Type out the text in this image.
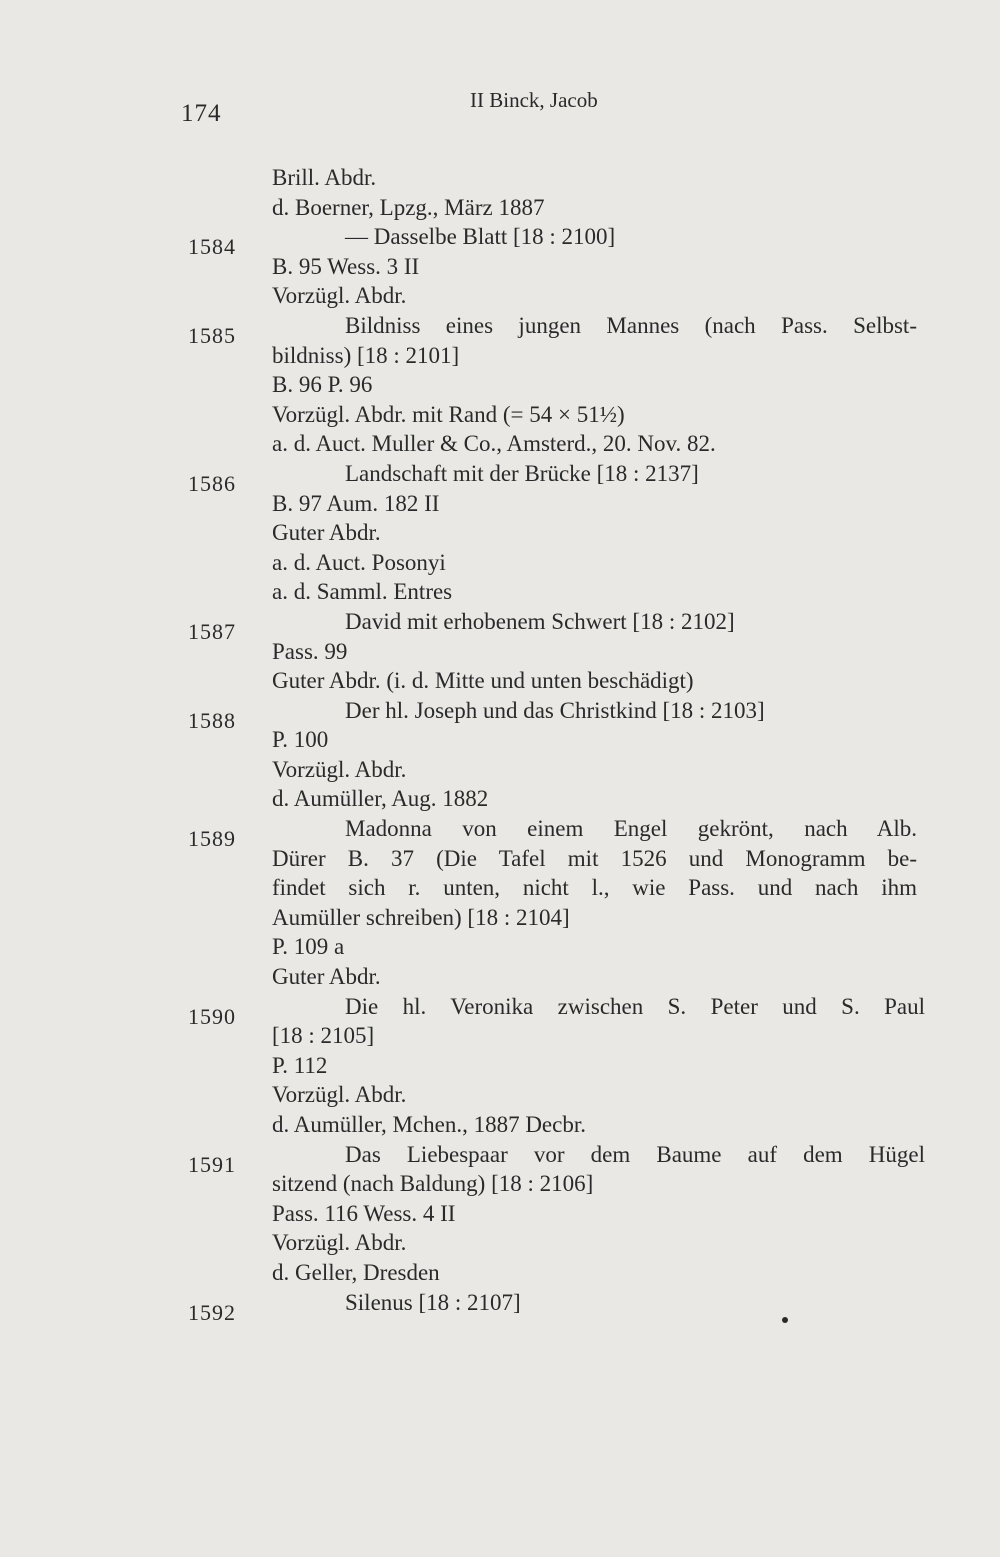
174	II Binck, Jacob
Brill. Abdr.
d. Boerner, Lpzg., März 1887
1584	— Dasselbe Blatt [18 : 2100]
B. 95 Wess. 3 II
Vorzügl. Abdr.
1585	Bildniss eines jungen Mannes (nach Pass. Selbst-
bildniss) [18 : 2101]
B. 96 P. 96
Vorzügl. Abdr. mit Rand (= 54 × 51½)
a. d. Auct. Muller & Co., Amsterd., 20. Nov. 82.
1586	Landschaft mit der Brücke [18 : 2137]
B. 97 Aum. 182 II
Guter Abdr.
a. d. Auct. Posonyi
a. d. Samml. Entres
1587	David mit erhobenem Schwert [18 : 2102]
Pass. 99
Guter Abdr. (i. d. Mitte und unten beschädigt)
1588	Der hl. Joseph und das Christkind [18 : 2103]
P. 100
Vorzügl. Abdr.
d. Aumüller, Aug. 1882
1589	Madonna von einem Engel gekrönt, nach Alb.
Dürer B. 37 (Die Tafel mit 1526 und Monogramm be-
findet sich r. unten, nicht l., wie Pass. und nach ihm
Aumüller schreiben) [18 : 2104]
P. 109 a
Guter Abdr.
1590	Die hl. Veronika zwischen S. Peter und S. Paul
[18 : 2105]
P. 112
Vorzügl. Abdr.
d. Aumüller, Mchen., 1887 Decbr.
1591	Das Liebespaar vor dem Baume auf dem Hügel
sitzend (nach Baldung) [18 : 2106]
Pass. 116 Wess. 4 II
Vorzügl. Abdr.
d. Geller, Dresden
1592	Silenus [18 : 2107]
